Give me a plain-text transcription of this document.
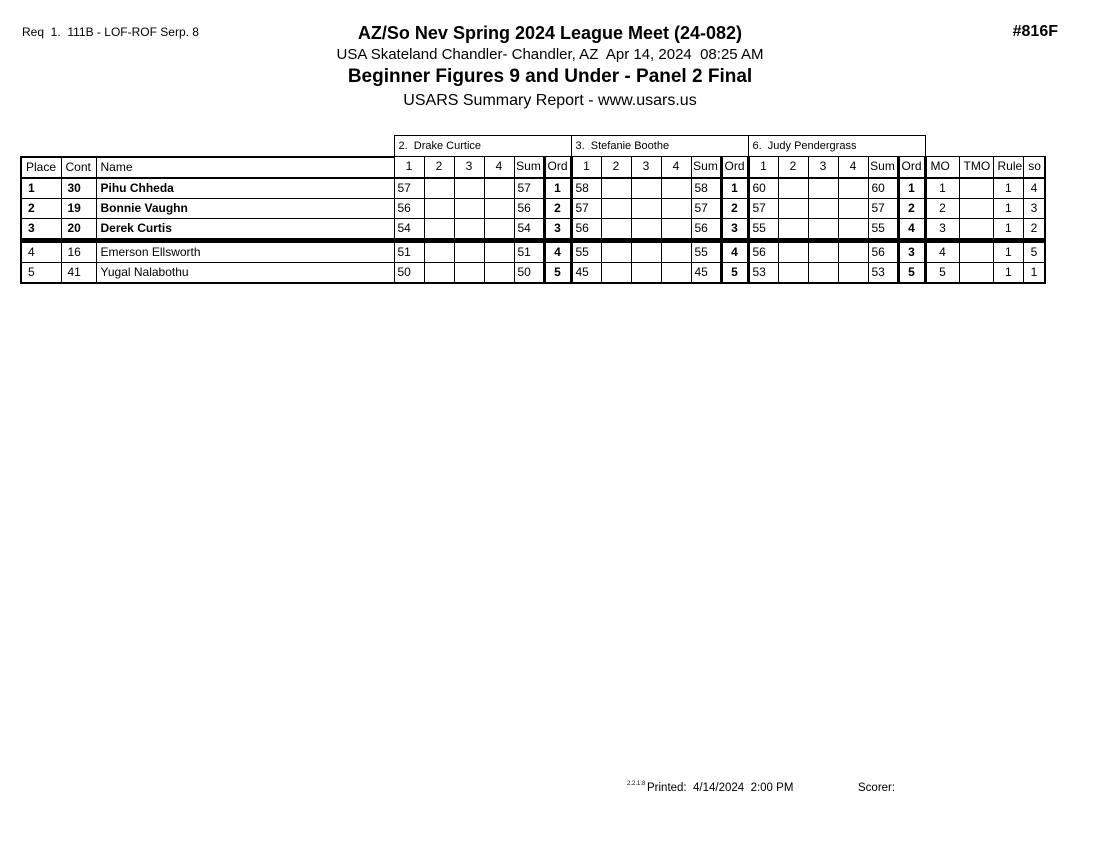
Req  1.  111B - LOF-ROF Serp. 8	#816F
AZ/So Nev Spring 2024 League Meet (24-082)
USA Skateland Chandler- Chandler, AZ  Apr 14, 2024  08:25 AM
Beginner Figures 9 and Under - Panel 2 Final
USARS Summary Report - www.usars.us
			2.  Drake Curtice						3.  Stefanie Boothe						6.  Judy Pendergrass									
Place	Cont	Name	1	2	3	4	Sum	Ord	1	2	3	4	Sum	Ord	1	2	3	4	Sum	Ord	MO	TMO	Rule	so
1	30	Pihu Chheda	57				57	1	58				58	1	60				60	1	1		1	4
2	19	Bonnie Vaughn	56				56	2	57				57	2	57				57	2	2		1	3
3	20	Derek Curtis	54				54	3	56				56	3	55				55	4	3		1	2
4	16	Emerson Ellsworth	51				51	4	55				55	4	56				56	3	4		1	5
5	41	Yugal Nalabothu	50				50	5	45				45	5	53				53	5	5		1	1
2.2.1.8 Printed:  4/14/2024  2:00 PM	Scorer:
